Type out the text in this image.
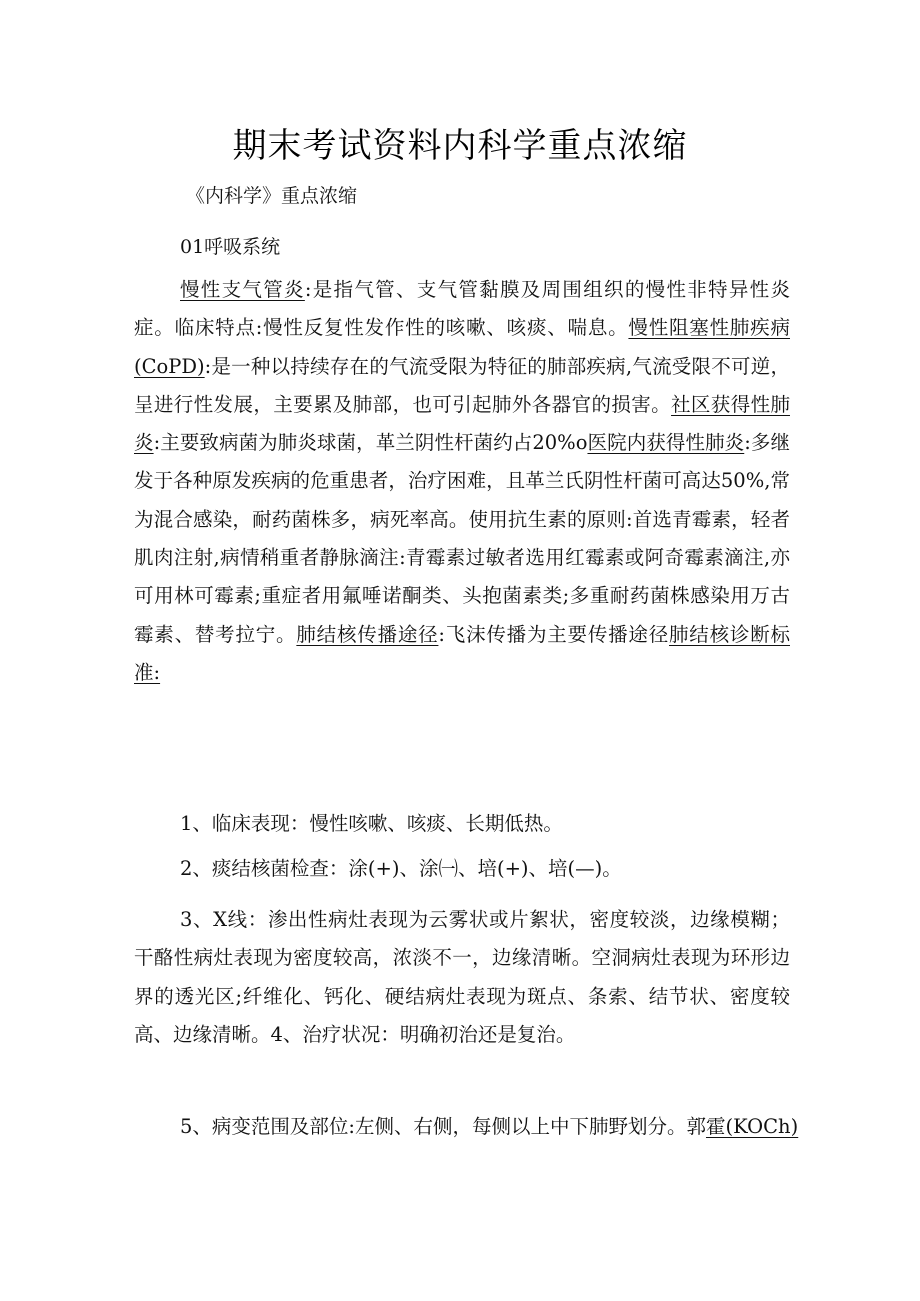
期末考试资料内科学重点浓缩
《内科学》重点浓缩
01呼吸系统
慢性支气管炎:是指气管、支气管黏膜及周围组织的慢性非特异性炎症。临床特点:慢性反复性发作性的咳嗽、咳痰、喘息。慢性阻塞性肺疾病(CoPD):是一种以持续存在的气流受限为特征的肺部疾病,气流受限不可逆，呈进行性发展，主要累及肺部，也可引起肺外各器官的损害。社区获得性肺炎:主要致病菌为肺炎球菌，革兰阴性杆菌约占20%o医院内获得性肺炎:多继发于各种原发疾病的危重患者，治疗困难，且革兰氏阴性杆菌可高达50%,常为混合感染，耐药菌株多，病死率高。使用抗生素的原则:首选青霉素，轻者肌肉注射,病情稍重者静脉滴注:青霉素过敏者选用红霉素或阿奇霉素滴注,亦可用林可霉素;重症者用氟唾诺酮类、头抱菌素类;多重耐药菌株感染用万古霉素、替考拉宁。肺结核传播途径:飞沫传播为主要传播途径肺结核诊断标准:
1、临床表现：慢性咳嗽、咳痰、长期低热。
2、痰结核菌检查：涂(+)、涂㈠、培(+)、培(—)。
3、X线：渗出性病灶表现为云雾状或片絮状，密度较淡，边缘模糊；干酪性病灶表现为密度较高，浓淡不一，边缘清晰。空洞病灶表现为环形边界的透光区;纤维化、钙化、硬结病灶表现为斑点、条索、结节状、密度较高、边缘清晰。4、治疗状况：明确初治还是复治。
5、病变范围及部位:左侧、右侧，每侧以上中下肺野划分。郭霍(KOCh)
